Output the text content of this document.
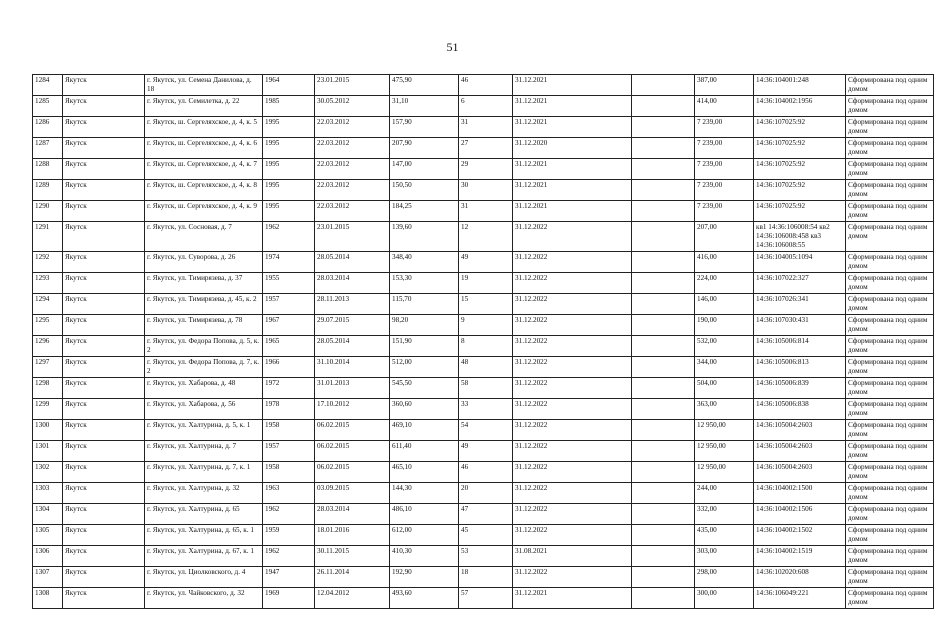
51
1284	Якутск	г. Якутск, ул. Семена Данилова, д. 18	1964	23.01.2015	475,90	46	31.12.2021		387,00	14:36:104001:248	Сформирована под одним домом
1285	Якутск	г. Якутск, ул. Семилетка, д. 22	1985	30.05.2012	31,10	6	31.12.2021		414,00	14:36:104002:1956	Сформирована под одним домом
1286	Якутск	г. Якутск, ш. Сергеляхское, д. 4, к. 5	1995	22.03.2012	157,90	31	31.12.2021		7 239,00	14:36:107025:92	Сформирована под одним домом
1287	Якутск	г. Якутск, ш. Сергеляхское, д. 4, к. 6	1995	22.03.2012	207,90	27	31.12.2020		7 239,00	14:36:107025:92	Сформирована под одним домом
1288	Якутск	г. Якутск, ш. Сергеляхское, д. 4, к. 7	1995	22.03.2012	147,00	29	31.12.2021		7 239,00	14:36:107025:92	Сформирована под одним домом
1289	Якутск	г. Якутск, ш. Сергеляхское, д. 4, к. 8	1995	22.03.2012	150,50	30	31.12.2021		7 239,00	14:36:107025:92	Сформирована под одним домом
1290	Якутск	г. Якутск, ш. Сергеляхское, д. 4, к. 9	1995	22.03.2012	184,25	31	31.12.2021		7 239,00	14:36:107025:92	Сформирована под одним домом
1291	Якутск	г. Якутск, ул. Сосновая, д. 7	1962	23.01.2015	139,60	12	31.12.2022		207,00	кв1 14:36:106008:54 кв2 14:36:106008:458 кв3 14:36:106008:55	Сформирована под одним домом
1292	Якутск	г. Якутск, ул. Суворова, д. 26	1974	28.05.2014	348,40	49	31.12.2022		416,00	14:36:104005:1094	Сформирована под одним домом
1293	Якутск	г. Якутск, ул. Тимирязева, д. 37	1955	28.03.2014	153,30	19	31.12.2022		224,00	14:36:107022:327	Сформирована под одним домом
1294	Якутск	г. Якутск, ул. Тимирязева, д. 45, к. 2	1957	28.11.2013	115,70	15	31.12.2022		146,00	14:36:107026:341	Сформирована под одним домом
1295	Якутск	г. Якутск, ул. Тимирязева, д. 78	1967	29.07.2015	98,20	9	31.12.2022		190,00	14:36:107030:431	Сформирована под одним домом
1296	Якутск	г. Якутск, ул. Федора Попова, д. 5, к. 2	1965	28.05.2014	151,90	8	31.12.2022		532,00	14:36:105006:814	Сформирована под одним домом
1297	Якутск	г. Якутск, ул. Федора Попова, д. 7, к. 2	1966	31.10.2014	512,00	48	31.12.2022		344,00	14:36:105006:813	Сформирована под одним домом
1298	Якутск	г. Якутск, ул. Хабарова, д. 48	1972	31.01.2013	545,50	58	31.12.2022		504,00	14:36:105006:839	Сформирована под одним домом
1299	Якутск	г. Якутск, ул. Хабарова, д. 56	1978	17.10.2012	360,60	33	31.12.2022		363,00	14:36:105006:838	Сформирована под одним домом
1300	Якутск	г. Якутск, ул. Халтурина, д. 5, к. 1	1958	06.02.2015	469,10	54	31.12.2022		12 950,00	14:36:105004:2603	Сформирована под одним домом
1301	Якутск	г. Якутск, ул. Халтурина, д. 7	1957	06.02.2015	611,40	49	31.12.2022		12 950,00	14:36:105004:2603	Сформирована под одним домом
1302	Якутск	г. Якутск, ул. Халтурина, д. 7, к. 1	1958	06.02.2015	465,10	46	31.12.2022		12 950,00	14:36:105004:2603	Сформирована под одним домом
1303	Якутск	г. Якутск, ул. Халтурина, д. 32	1963	03.09.2015	144,30	20	31.12.2022		244,00	14:36:104002:1500	Сформирована под одним домом
1304	Якутск	г. Якутск, ул. Халтурина, д. 65	1962	28.03.2014	486,10	47	31.12.2022		332,00	14:36:104002:1506	Сформирована под одним домом
1305	Якутск	г. Якутск, ул. Халтурина, д. 65, к. 1	1959	18.01.2016	612,00	45	31.12.2022		435,00	14:36:104002:1502	Сформирована под одним домом
1306	Якутск	г. Якутск, ул. Халтурина, д. 67, к. 1	1962	30.11.2015	410,30	53	31.08.2021		303,00	14:36:104002:1519	Сформирована под одним домом
1307	Якутск	г. Якутск, ул. Циолковского, д. 4	1947	26.11.2014	192,90	18	31.12.2022		298,00	14:36:102020:608	Сформирована под одним домом
1308	Якутск	г. Якутск, ул. Чайковского, д. 32	1969	12.04.2012	493,60	57	31.12.2021		300,00	14:36:106049:221	Сформирована под одним домом
